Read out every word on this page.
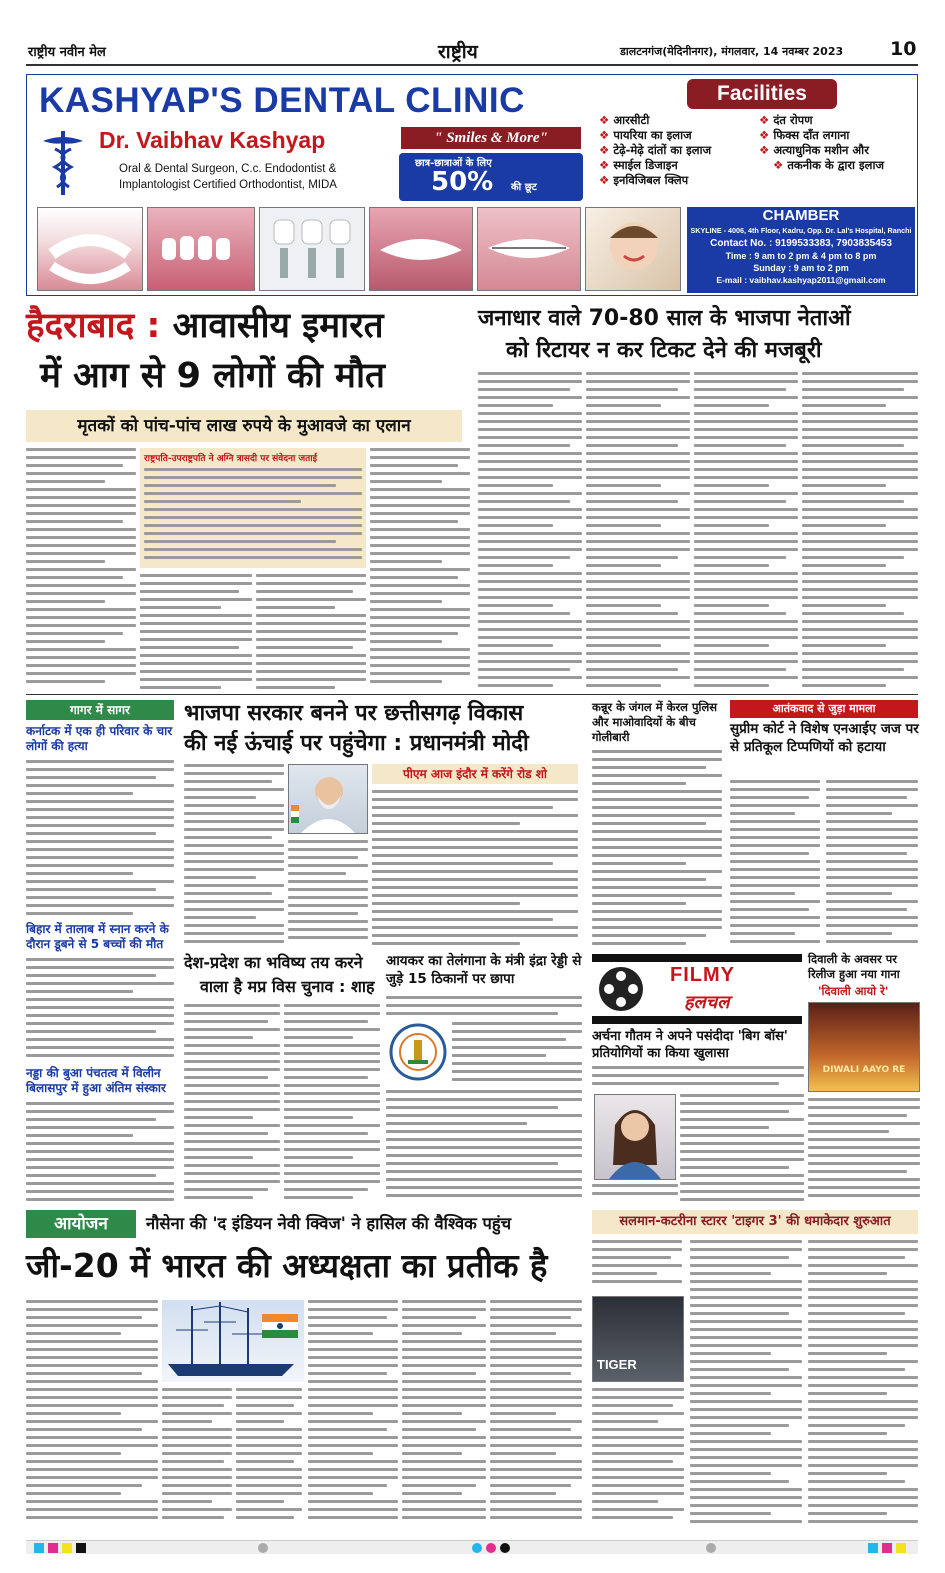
राष्ट्रीय नवीन मेल	राष्ट्रीय	डालटनगंज(मेदिनीनगर), मंगलवार, 14 नवम्बर 2023 10
KASHYAP'S DENTAL CLINIC
Dr. Vaibhav Kashyap
Oral & Dental Surgeon, C.c. Endodontist &
Implantologist Certified Orthodontist, MIDA
" Smiles & More"
छात्र-छात्राओं के लिए
50% की छूट
Facilities
❖ आरसीटी
❖ पायरिया का इलाज
❖ टेढ़े-मेढ़े दांतों का इलाज
❖ स्माईल डिजाइन
❖ इनविजिबल क्लिप
❖ दंत रोपण
❖ फिक्स दाँत लगाना
❖ अत्याधुनिक मशीन और
❖ तकनीक के द्वारा इलाज
CHAMBER
SKYLINE - 4006, 4th Floor, Kadru, Opp. Dr. Lal's Hospital, Ranchi
Contact No. : 9199533383, 7903835453
Time : 9 am to 2 pm & 4 pm to 8 pm
Sunday : 9 am to 2 pm
E-mail : vaibhav.kashyap2011@gmail.com
हैदराबाद : आवासीय इमारत
में आग से 9 लोगों की मौत
मृतकों को पांच-पांच लाख रुपये के मुआवजे का एलान
राष्ट्रपति-उपराष्ट्रपति ने अग्नि त्रासदी पर संवेदना जताई
जनाधार वाले 70-80 साल के भाजपा नेताओं
को रिटायर न कर टिकट देने की मजबूरी
गागर में सागर
कर्नाटक में एक ही परिवार के चार लोगों की हत्या
बिहार में तालाब में स्नान करने के दौरान डूबने से 5 बच्चों की मौत
नड्डा की बुआ पंचतत्व में विलीन बिलासपुर में हुआ अंतिम संस्कार
भाजपा सरकार बनने पर छत्तीसगढ़ विकास
की नई ऊंचाई पर पहुंचेगा : प्रधानमंत्री मोदी
पीएम आज इंदौर में करेंगे रोड शो
देश-प्रदेश का भविष्य तय करने
वाला है मप्र विस चुनाव : शाह
आयकर का तेलंगाना के मंत्री इंद्रा रेड्डी से जुड़े 15 ठिकानों पर छापा
कन्नूर के जंगल में केरल पुलिस और माओवादियों के बीच गोलीबारी
आतंकवाद से जुड़ा मामला
सुप्रीम कोर्ट ने विशेष एनआईए जज पर से प्रतिकूल टिप्पणियों को हटाया
FILMY
हलचल
दिवाली के अवसर पर रिलीज हुआ नया गाना
'दिवाली आयो रे'
DIWALI AAYO RE
अर्चना गौतम ने अपने पसंदीदा 'बिग बॉस' प्रतियोगियों का किया खुलासा
आयोजन	नौसेना की 'द इंडियन नेवी क्विज' ने हासिल की वैश्विक पहुंच
जी-20 में भारत की अध्यक्षता का प्रतीक है
सलमान-कटरीना स्टारर 'टाइगर 3' की धमाकेदार शुरुआत
TIGER
